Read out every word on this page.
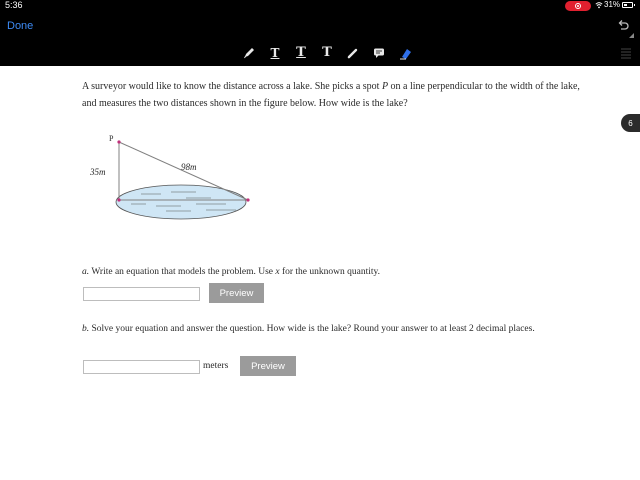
5:36	31%
Done
T T T
A surveyor would like to know the distance across a lake. She picks a spot P on a line perpendicular to the width of the lake, and measures the two distances shown in the figure below. How wide is the lake?
6
P
35m	98m
a. Write an equation that models the problem. Use x for the unknown quantity.
Preview
b. Solve your equation and answer the question. How wide is the lake? Round your answer to at least 2 decimal places.
meters	Preview
